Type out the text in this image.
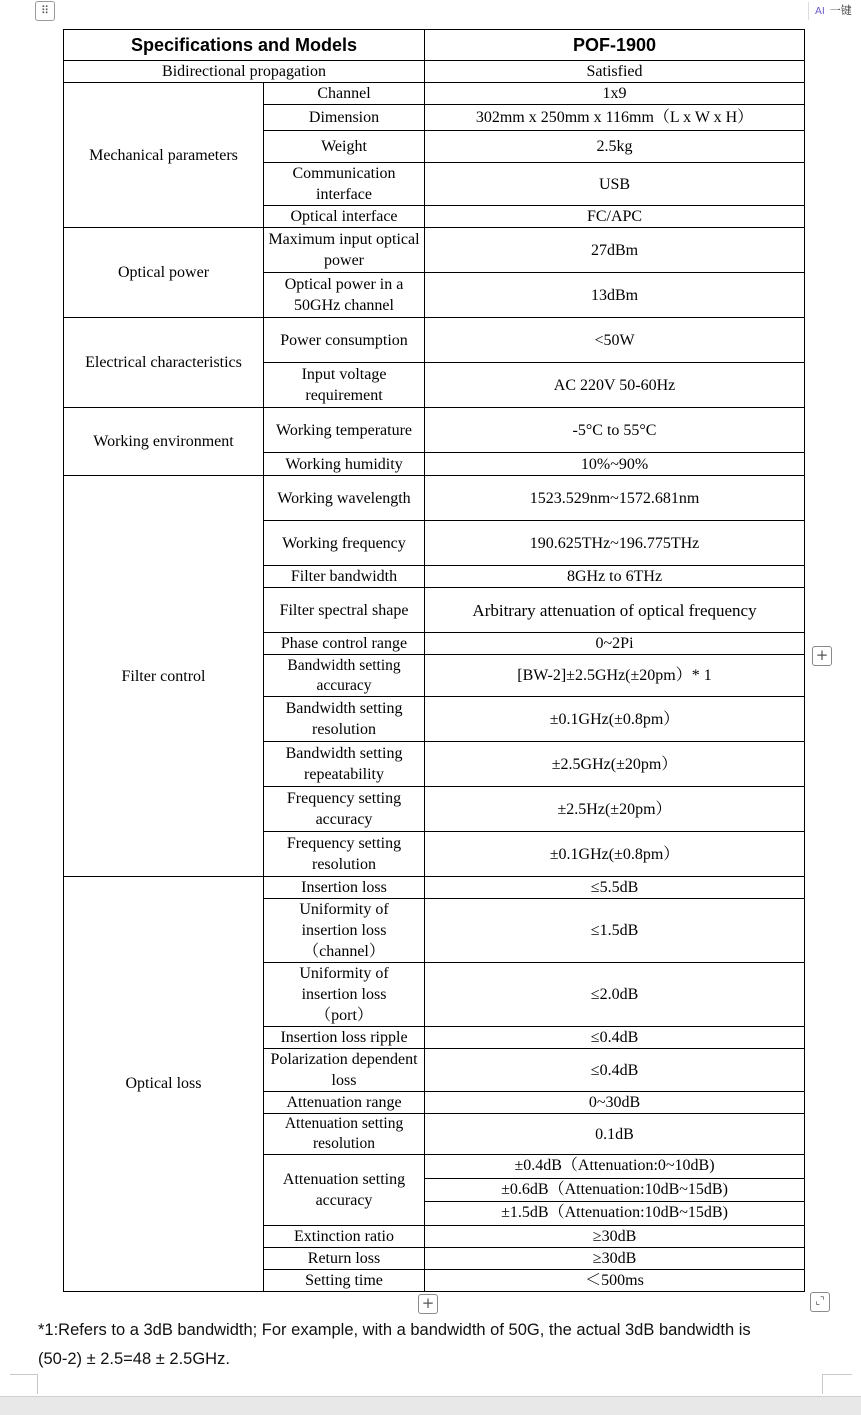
⠿	AI 一键
Specifications and Models		POF-1900
Bidirectional propagation		Satisfied
Mechanical parameters	Channel	1x9
	Dimension	302mm x 250mm x 116mm（L x W x H）
	Weight	2.5kg
	Communication interface	USB
	Optical interface	FC/APC
Optical power	Maximum input optical power	27dBm
	Optical power in a 50GHz channel	13dBm
Electrical characteristics	Power consumption	<50W
	Input voltage requirement	AC 220V 50-60Hz
Working environment	Working temperature	-5°C to 55°C
	Working humidity	10%~90%
Filter control	Working wavelength	1523.529nm~1572.681nm
	Working frequency	190.625THz~196.775THz
	Filter bandwidth	8GHz to 6THz
	Filter spectral shape	Arbitrary attenuation of optical frequency
	Phase control range	0~2Pi
	Bandwidth setting accuracy	[BW-2]±2.5GHz(±20pm）* 1
	Bandwidth setting resolution	±0.1GHz(±0.8pm）
	Bandwidth setting repeatability	±2.5GHz(±20pm）
	Frequency setting accuracy	±2.5Hz(±20pm）
	Frequency setting resolution	±0.1GHz(±0.8pm）
Optical loss	Insertion loss	≤5.5dB

	Uniformity of
insertion loss
（channel）	≤1.5dB

	Uniformity of
insertion loss
（port）	≤2.0dB
	Insertion loss ripple	≤0.4dB
	Polarization dependent loss	≤0.4dB
	Attenuation range	0~30dB
	Attenuation setting resolution	0.1dB
	Attenuation setting accuracy	±0.4dB（Attenuation:0~10dB)
±0.6dB（Attenuation:10dB~15dB)
±1.5dB（Attenuation:10dB~15dB)

	Extinction ratio	≥30dB
	Return loss	≥30dB
	Setting time	＜500ms
+
+	⌞⌝
*1:Refers to a 3dB bandwidth; For example, with a bandwidth of 50G, the actual 3dB bandwidth is
(50-2) ± 2.5=48 ± 2.5GHz.
